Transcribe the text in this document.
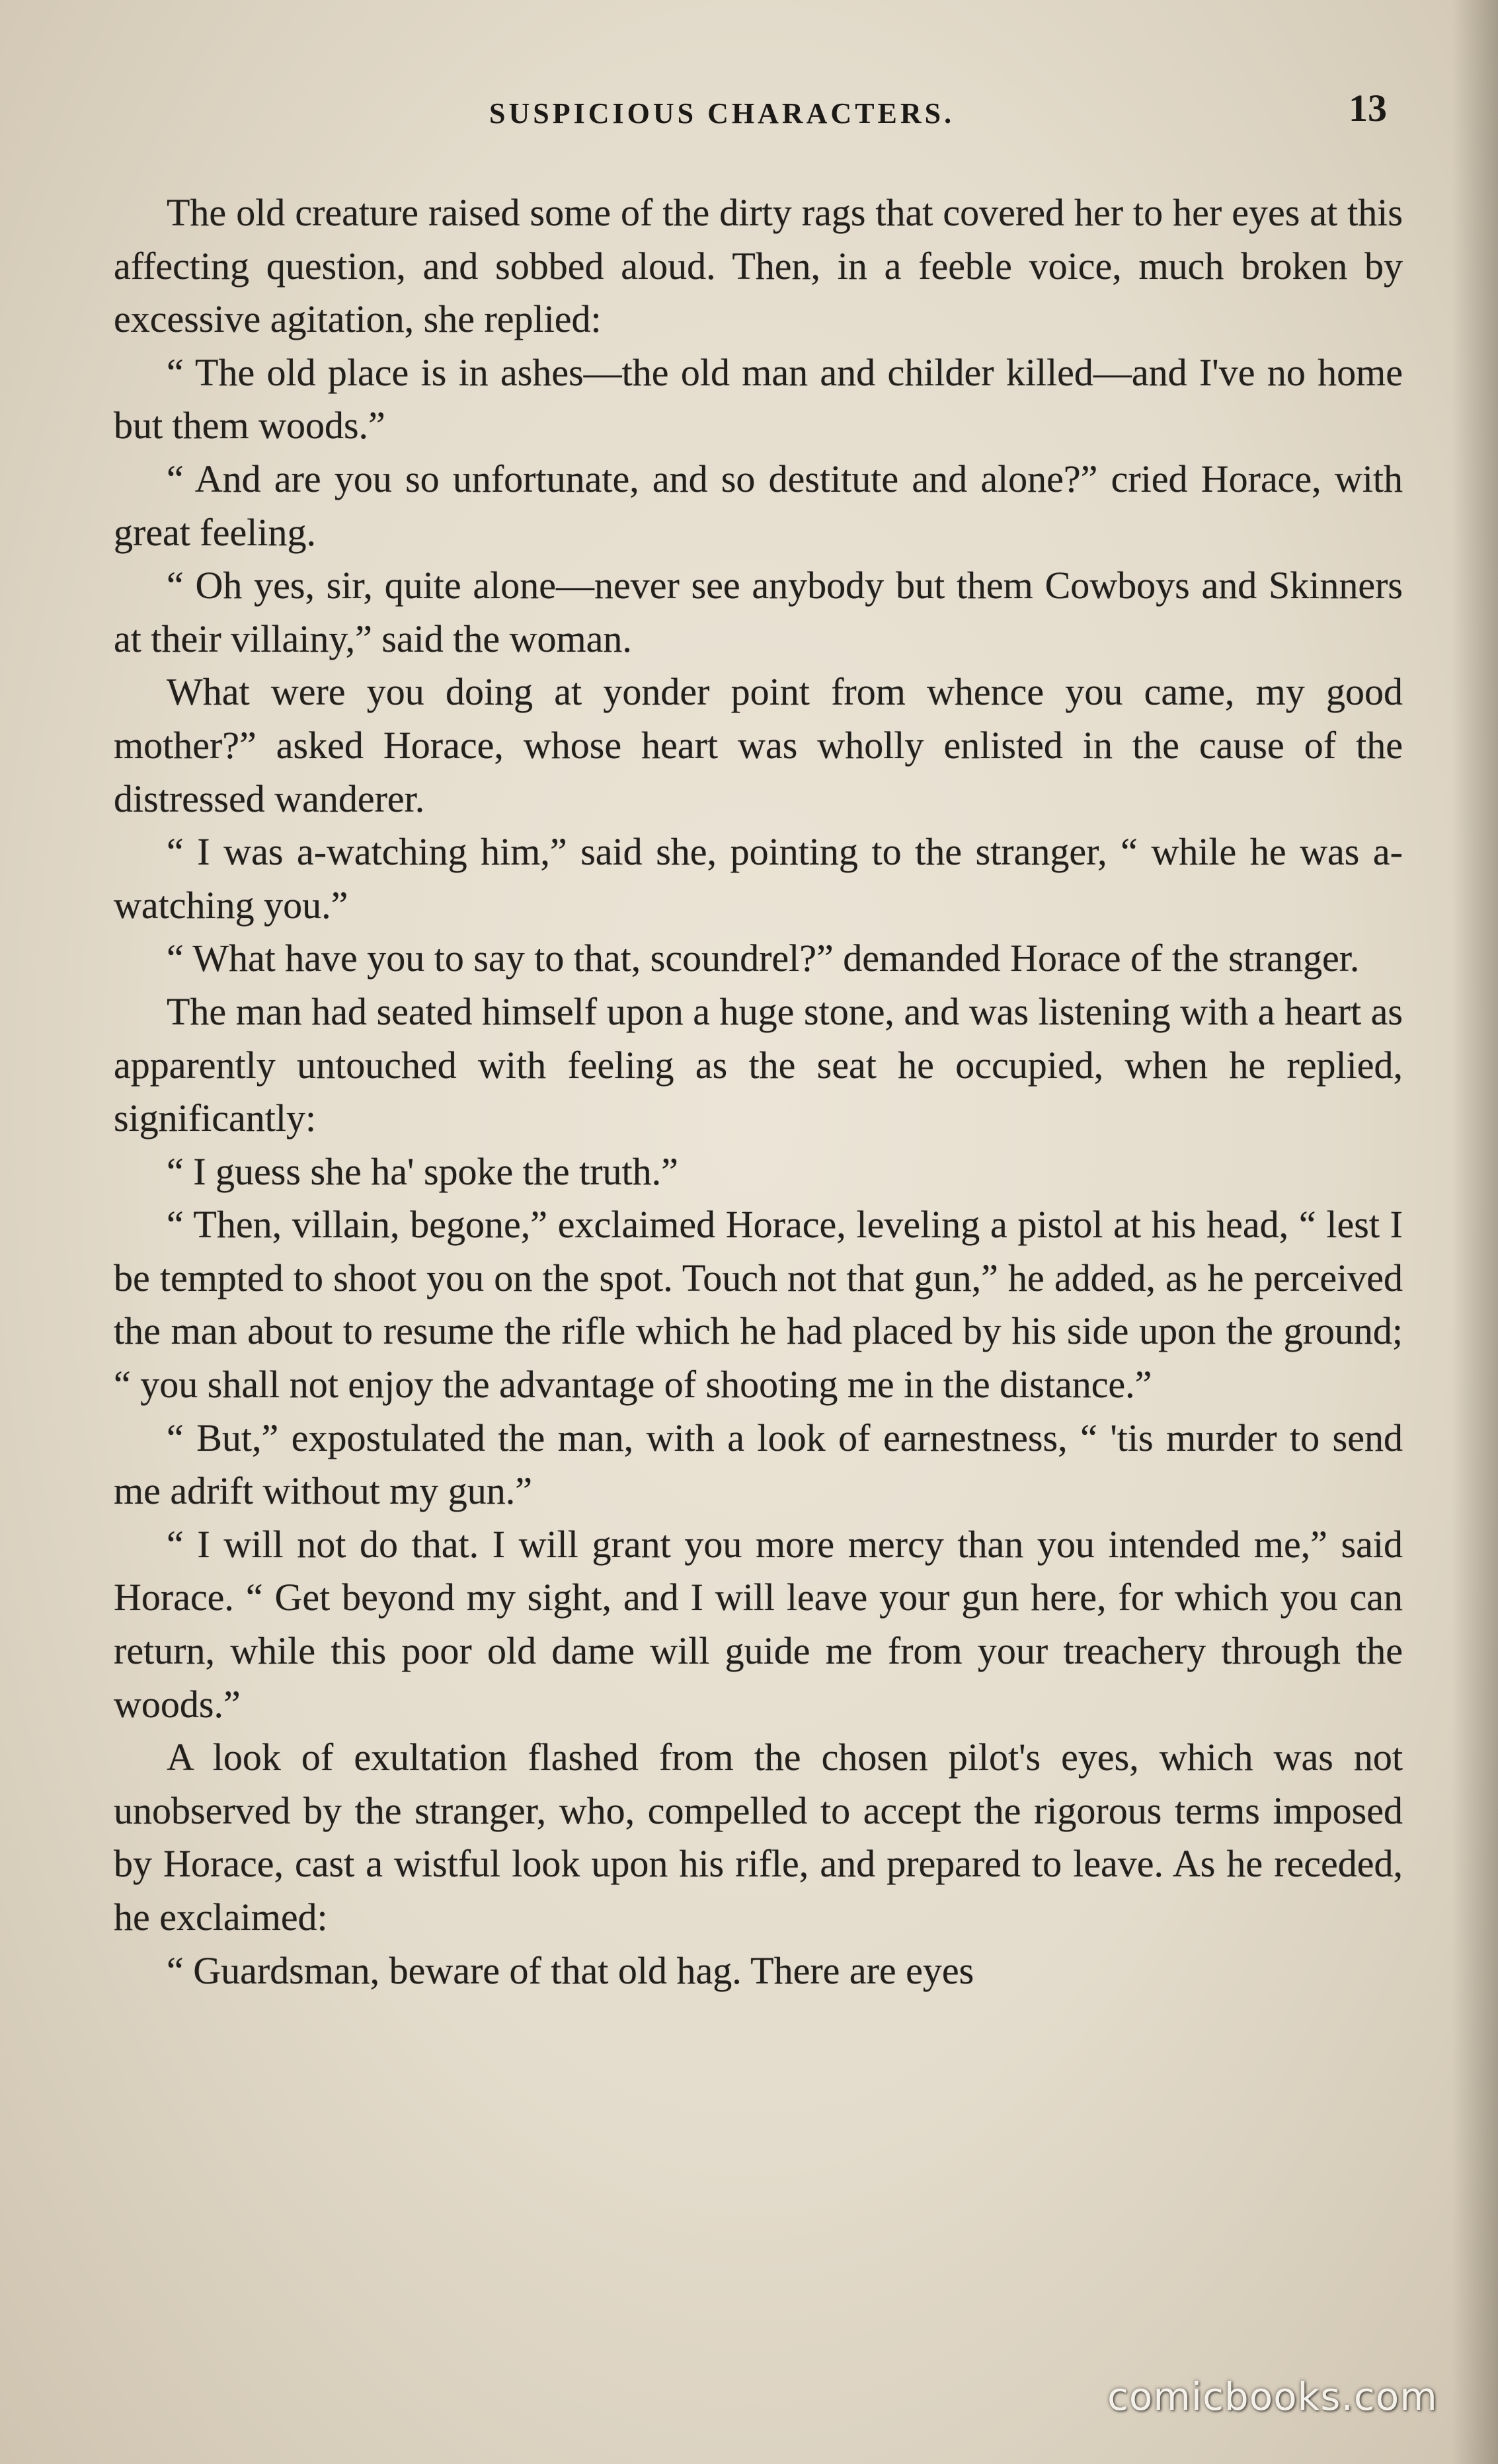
SUSPICIOUS CHARACTERS.	13

The old creature raised some of the dirty rags that covered her to her eyes at this affecting question, and sobbed aloud. Then, in a feeble voice, much broken by excessive agitation, she replied:

“ The old place is in ashes—the old man and childer killed—and I've no home but them woods.”

“ And are you so unfortunate, and so destitute and alone?” cried Horace, with great feeling.

“ Oh yes, sir, quite alone—never see anybody but them Cowboys and Skinners at their villainy,” said the woman.

What were you doing at yonder point from whence you came, my good mother?” asked Horace, whose heart was wholly enlisted in the cause of the distressed wanderer.

“ I was a-watching him,” said she, pointing to the stranger, “ while he was a-watching you.”

“ What have you to say to that, scoundrel?” demanded Horace of the stranger.

The man had seated himself upon a huge stone, and was listening with a heart as apparently untouched with feeling as the seat he occupied, when he replied, significantly:

“ I guess she ha' spoke the truth.”

“ Then, villain, begone,” exclaimed Horace, leveling a pistol at his head, “ lest I be tempted to shoot you on the spot. Touch not that gun,” he added, as he perceived the man about to resume the rifle which he had placed by his side upon the ground; “ you shall not enjoy the advantage of shooting me in the distance.”

“ But,” expostulated the man, with a look of earnestness, “ 'tis murder to send me adrift without my gun.”

“ I will not do that. I will grant you more mercy than you intended me,” said Horace. “ Get beyond my sight, and I will leave your gun here, for which you can return, while this poor old dame will guide me from your treachery through the woods.”

A look of exultation flashed from the chosen pilot's eyes, which was not unobserved by the stranger, who, compelled to accept the rigorous terms imposed by Horace, cast a wistful look upon his rifle, and prepared to leave. As he receded, he exclaimed:

“ Guardsman, beware of that old hag. There are eyes

comicbooks.com
